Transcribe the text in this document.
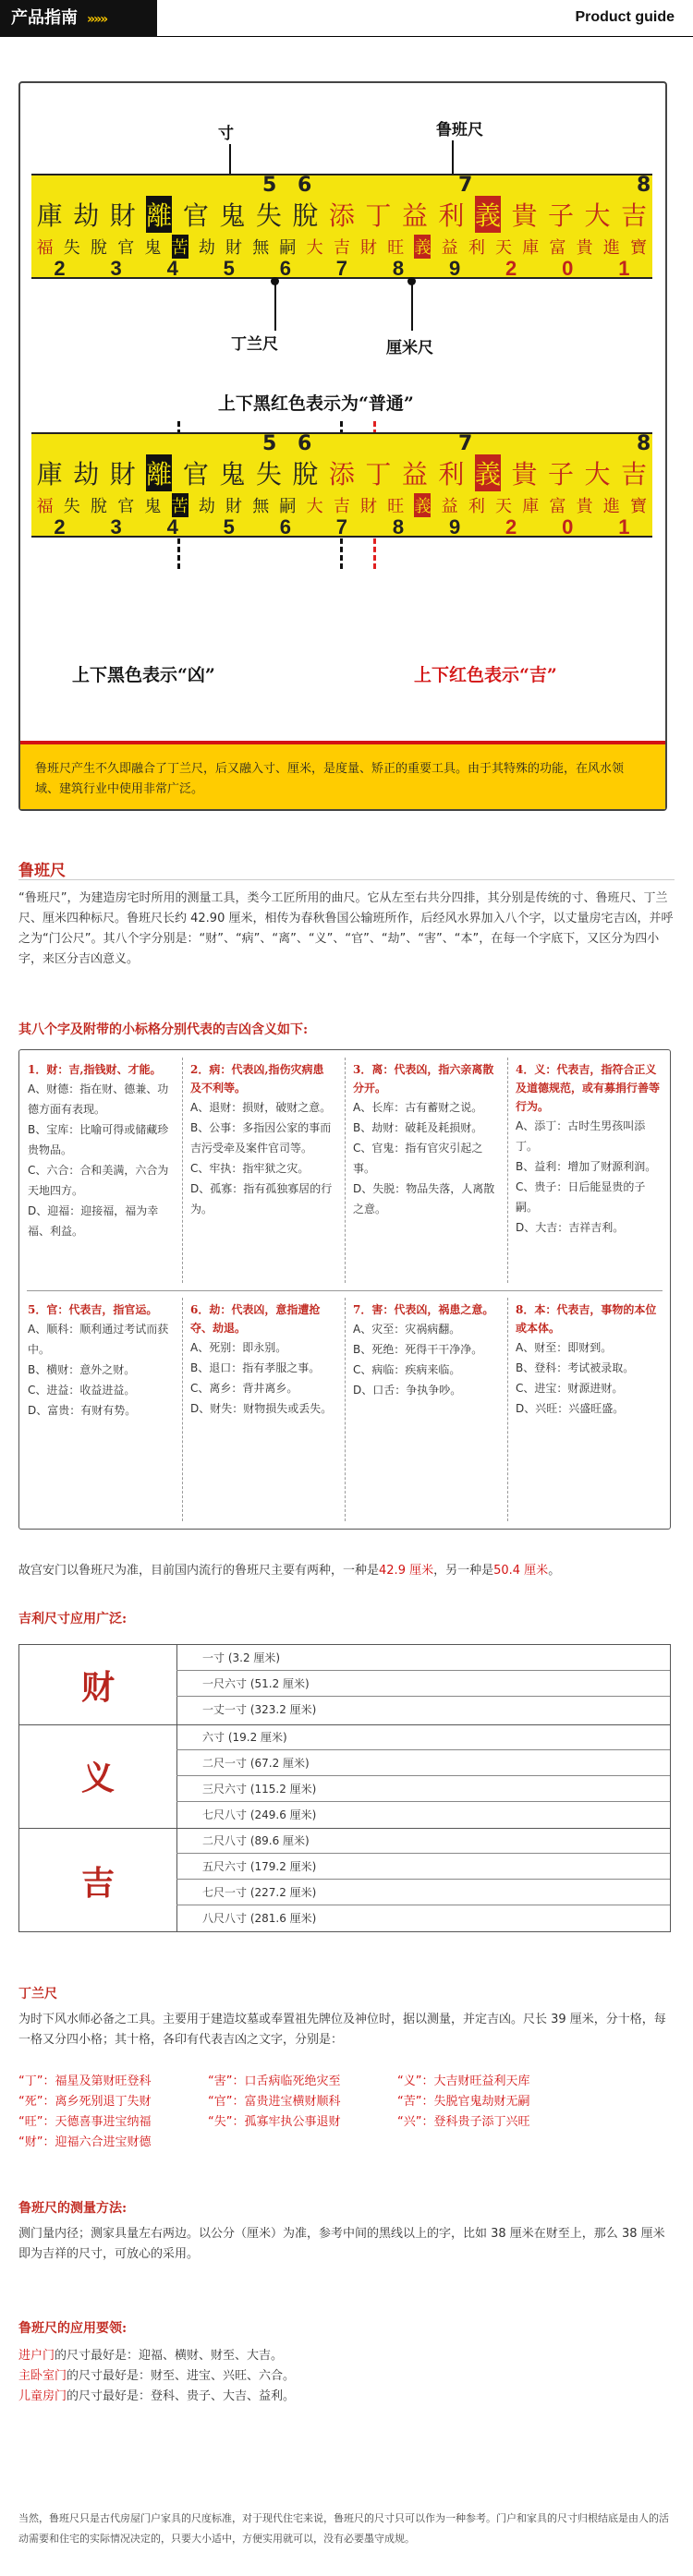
产品指南 »»»	Product guide
寸	鲁班尺
5 6	7	8
庫 劫 財 離 官 鬼 失 脫 添 丁 益 利 義 貴 子 大 吉
福 失 脫 官 鬼 苦 劫 財 無 嗣 大 吉 財 旺 義 益 利 天 庫 富 貴 進 寶
2 3 4 5 6 7 8 9 2 0 1
丁兰尺	厘米尺
上下黑红色表示为“普通”
5 6	7	8
庫 劫 財 離 官 鬼 失 脫 添 丁 益 利 義 貴 子 大 吉
福 失 脫 官 鬼 苦 劫 財 無 嗣 大 吉 財 旺 義 益 利 天 庫 富 貴 進 寶
2 3 4 5 6 7 8 9 2 0 1
上下黑色表示“凶”	上下红色表示“吉”
鲁班尺产生不久即融合了丁兰尺，后又融入寸、厘米，是度量、矫正的重要工具。由于其特殊的功能，在风水领域、建筑行业中使用非常广泛。
鲁班尺
“鲁班尺”，为建造房宅时所用的测量工具，类今工匠所用的曲尺。它从左至右共分四排，其分别是传统的寸、鲁班尺、丁兰尺、厘米四种标尺。鲁班尺长约 42.90 厘米，相传为春秋鲁国公输班所作，后经风水界加入八个字，以丈量房宅吉凶，并呼之为“门公尺”。其八个字分别是：“财”、“病”、“离”、“义”、“官”、“劫”、“害”、“本”，在每一个字底下，又区分为四小字，来区分吉凶意义。
其八个字及附带的小标格分别代表的吉凶含义如下:
1．财：吉,指钱财、才能。
A、财德：指在财、德兼、功德方面有表现。
B、宝库：比喻可得或储藏珍贵物品。
C、六合：合和美满，六合为天地四方。
D、迎福：迎接福，福为幸福、利益。
2．病：代表凶,指伤灾病患及不利等。
A、退财：损财，破财之意。
B、公事：多指因公家的事而吉污受牵及案件官司等。
C、牢执：指牢狱之灾。
D、孤寡：指有孤独寡居的行为。
3．离：代表凶，指六亲离散分开。
A、长库：古有蓄财之说。
B、劫财：破耗及耗损财。
C、官鬼：指有官灾引起之事。
D、失脱：物品失落，人离散之意。
4．义：代表吉，指符合正义及道德规范，或有募捐行善等行为。
A、添丁：古时生男孩叫添丁。
B、益利：增加了财源利润。
C、贵子：日后能显贵的子嗣。
D、大吉：吉祥吉利。
5．官：代表吉，指官运。
A、顺科：顺利通过考试而获中。
B、横财：意外之财。
C、进益：收益进益。
D、富贵：有财有势。
6．劫：代表凶，意指遭抢夺、劫退。
A、死别：即永别。
B、退口：指有孝服之事。
C、离乡：背井离乡。
D、财失：财物损失或丢失。
7．害：代表凶，祸患之意。
A、灾至：灾祸病翻。
B、死绝：死得干干净净。
C、病临：疾病来临。
D、口舌：争执争吵。
8．本：代表吉，事物的本位或本体。
A、财至：即财到。
B、登科：考试被录取。
C、进宝：财源进财。
D、兴旺：兴盛旺盛。
故宫安门以鲁班尺为准，目前国内流行的鲁班尺主要有两种，一种是42.9 厘米，另一种是50.4 厘米。
吉利尺寸应用广泛:
财
一寸 (3.2 厘米)
一尺六寸 (51.2 厘米)
一丈一寸 (323.2 厘米)
义
六寸 (19.2 厘米)
二尺一寸 (67.2 厘米)
三尺六寸 (115.2 厘米)
七尺八寸 (249.6 厘米)
吉
二尺八寸 (89.6 厘米)
五尺六寸 (179.2 厘米)
七尺一寸 (227.2 厘米)
八尺八寸 (281.6 厘米)
丁兰尺
为时下风水师必备之工具。主要用于建造坟墓或奉置祖先牌位及神位时，据以测量，并定吉凶。尺长 39 厘米，分十格，每一格又分四小格；其十格，各印有代表吉凶之文字，分别是：
“丁”：福星及第财旺登科	“害”：口舌病临死绝灾至	“义”：大吉财旺益利天库
“死”：离乡死别退丁失财	“官”：富贵进宝横财顺科	“苦”：失脱官鬼劫财无嗣
“旺”：天德喜事进宝纳福	“失”：孤寡牢执公事退财	“兴”：登科贵子添丁兴旺
“财”：迎福六合进宝财德
鲁班尺的测量方法:
测门量内径；测家具量左右两边。以公分（厘米）为准，参考中间的黑线以上的字，比如 38 厘米在财至上，那么 38 厘米即为吉祥的尺寸，可放心的采用。
鲁班尺的应用要领:
进户门的尺寸最好是：迎福、横财、财至、大吉。
主卧室门的尺寸最好是：财至、进宝、兴旺、六合。
儿童房门的尺寸最好是：登科、贵子、大吉、益利。
当然，鲁班尺只是古代房屋门户家具的尺度标准，对于现代住宅来说，鲁班尺的尺寸只可以作为一种参考。门户和家具的尺寸归根结底是由人的活动需要和住宅的实际情况决定的，只要大小适中，方便实用就可以，没有必要墨守成规。
